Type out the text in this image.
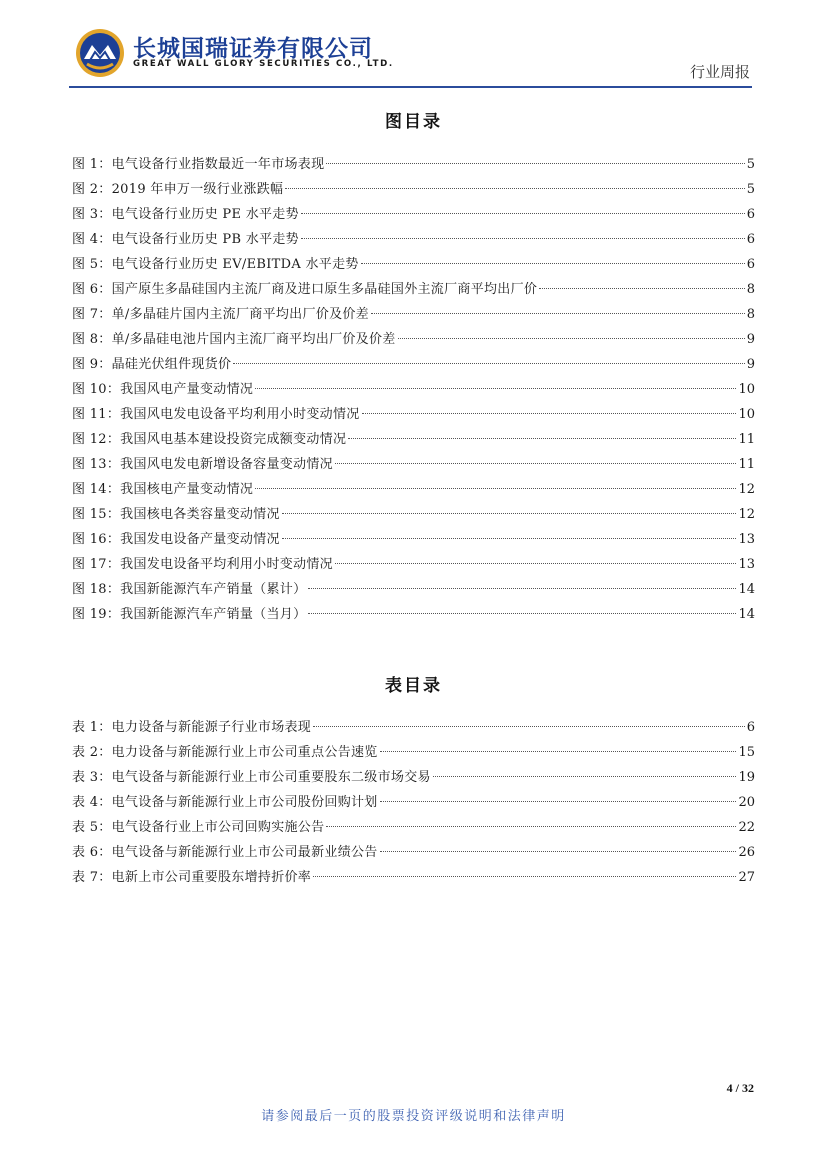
长城国瑞证券有限公司
GREAT WALL GLORY SECURITIES CO., LTD.	行业周报
图目录
图 1：电气设备行业指数最近一年市场表现	5
图 2：2019 年申万一级行业涨跌幅	5
图 3：电气设备行业历史 PE 水平走势	6
图 4：电气设备行业历史 PB 水平走势	6
图 5：电气设备行业历史 EV/EBITDA 水平走势	6
图 6：国产原生多晶硅国内主流厂商及进口原生多晶硅国外主流厂商平均出厂价	8
图 7：单/多晶硅片国内主流厂商平均出厂价及价差	8
图 8：单/多晶硅电池片国内主流厂商平均出厂价及价差	9
图 9：晶硅光伏组件现货价	9
图 10：我国风电产量变动情况	10
图 11：我国风电发电设备平均利用小时变动情况	10
图 12：我国风电基本建设投资完成额变动情况	11
图 13：我国风电发电新增设备容量变动情况	11
图 14：我国核电产量变动情况	12
图 15：我国核电各类容量变动情况	12
图 16：我国发电设备产量变动情况	13
图 17：我国发电设备平均利用小时变动情况	13
图 18：我国新能源汽车产销量（累计）	14
图 19：我国新能源汽车产销量（当月）	14
表目录
表 1：电力设备与新能源子行业市场表现	6
表 2：电力设备与新能源行业上市公司重点公告速览	15
表 3：电气设备与新能源行业上市公司重要股东二级市场交易	19
表 4：电气设备与新能源行业上市公司股份回购计划	20
表 5：电气设备行业上市公司回购实施公告	22
表 6：电气设备与新能源行业上市公司最新业绩公告	26
表 7：电新上市公司重要股东增持折价率	27
4 / 32
请参阅最后一页的股票投资评级说明和法律声明
